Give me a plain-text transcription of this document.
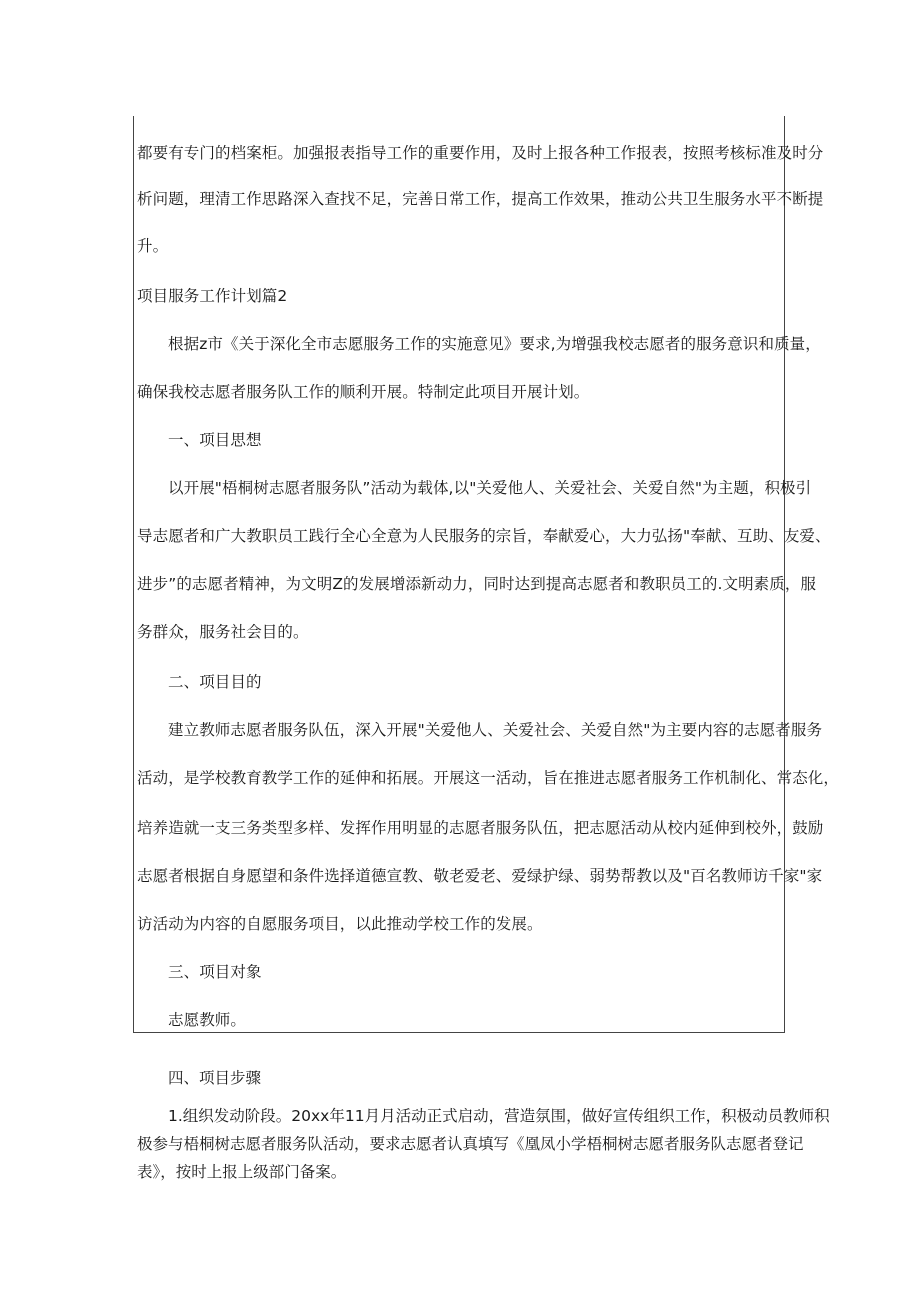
都要有专门的档案柜。加强报表指导工作的重要作用，及时上报各种工作报表，按照考核标准及时分
析问题，理清工作思路深入查找不足，完善日常工作，提高工作效果，推动公共卫生服务水平不断提
升。
项目服务工作计划篇2
根据z市《关于深化全市志愿服务工作的实施意见》要求,为增强我校志愿者的服务意识和质量，
确保我校志愿者服务队工作的顺利开展。特制定此项目开展计划。
一、项目思想
以开展"梧桐树志愿者服务队”活动为载体,以"关爱他人、关爱社会、关爱自然"为主题，积极引
导志愿者和广大教职员工践行全心全意为人民服务的宗旨，奉献爱心，大力弘扬"奉献、互助、友爱、
进步”的志愿者精神，为文明Z的发展增添新动力，同时达到提高志愿者和教职员工的.文明素质，服
务群众，服务社会目的。
二、项目目的
建立教师志愿者服务队伍，深入开展"关爱他人、关爱社会、关爱自然"为主要内容的志愿者服务
活动，是学校教育教学工作的延伸和拓展。开展这一活动，旨在推进志愿者服务工作机制化、常态化，
培养造就一支三务类型多样、发挥作用明显的志愿者服务队伍，把志愿活动从校内延伸到校外，鼓励
志愿者根据自身愿望和条件选择道德宣教、敬老爱老、爱绿护绿、弱势帮教以及"百名教师访千家"家
访活动为内容的自愿服务项目，以此推动学校工作的发展。
三、项目对象
志愿教师。
四、项目步骤
1.组织发动阶段。20xx年11月月活动正式启动，营造氛围，做好宣传组织工作，积极动员教师积
极参与梧桐树志愿者服务队活动，要求志愿者认真填写《凰凤小学梧桐树志愿者服务队志愿者登记
表》，按时上报上级部门备案。
